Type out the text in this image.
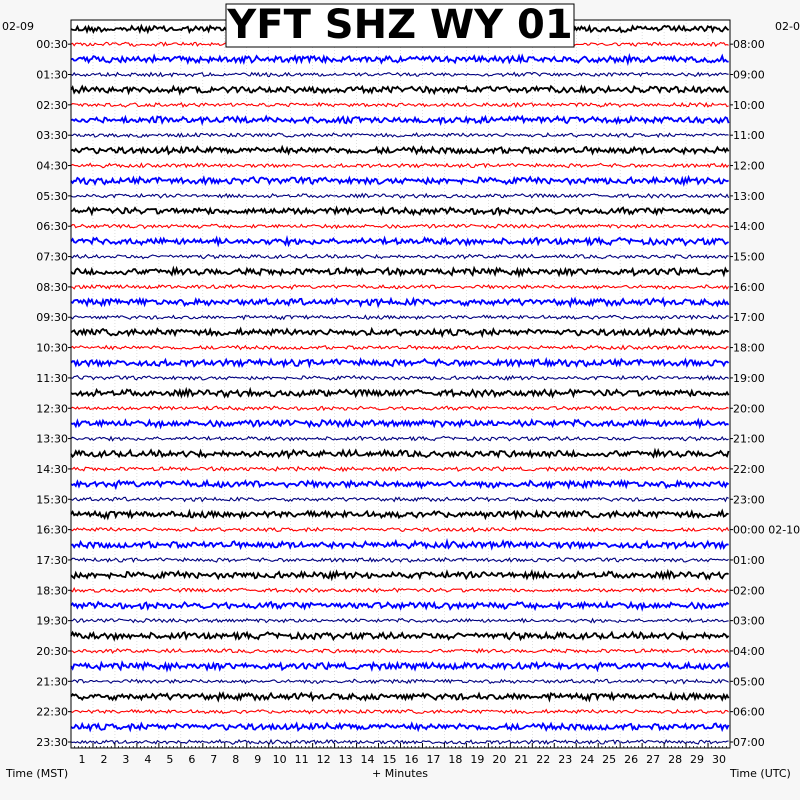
1 2 3 4 5 6 7 8 9 10 11 12 13 14 15 16 17 18 19 20 21 22 23 24 25 26 27 28 29 30
00:30
01:30
02:30
03:30
04:30
05:30
06:30
07:30
08:30
09:30
10:30
11:30
12:30
13:30
14:30
15:30
16:30
17:30
18:30
19:30
20:30
21:30
22:30
23:30
08:00
09:00
10:00
11:00
12:00
13:00
14:00
15:00
16:00
17:00
18:00
19:00
20:00
21:00
22:00
23:00
00:00 02-10
01:00
02:00
03:00
04:00
05:00
06:00
07:00
02-09	02-0
YFT SHZ WY 01
Time (MST)	+ Minutes	Time (UTC)
